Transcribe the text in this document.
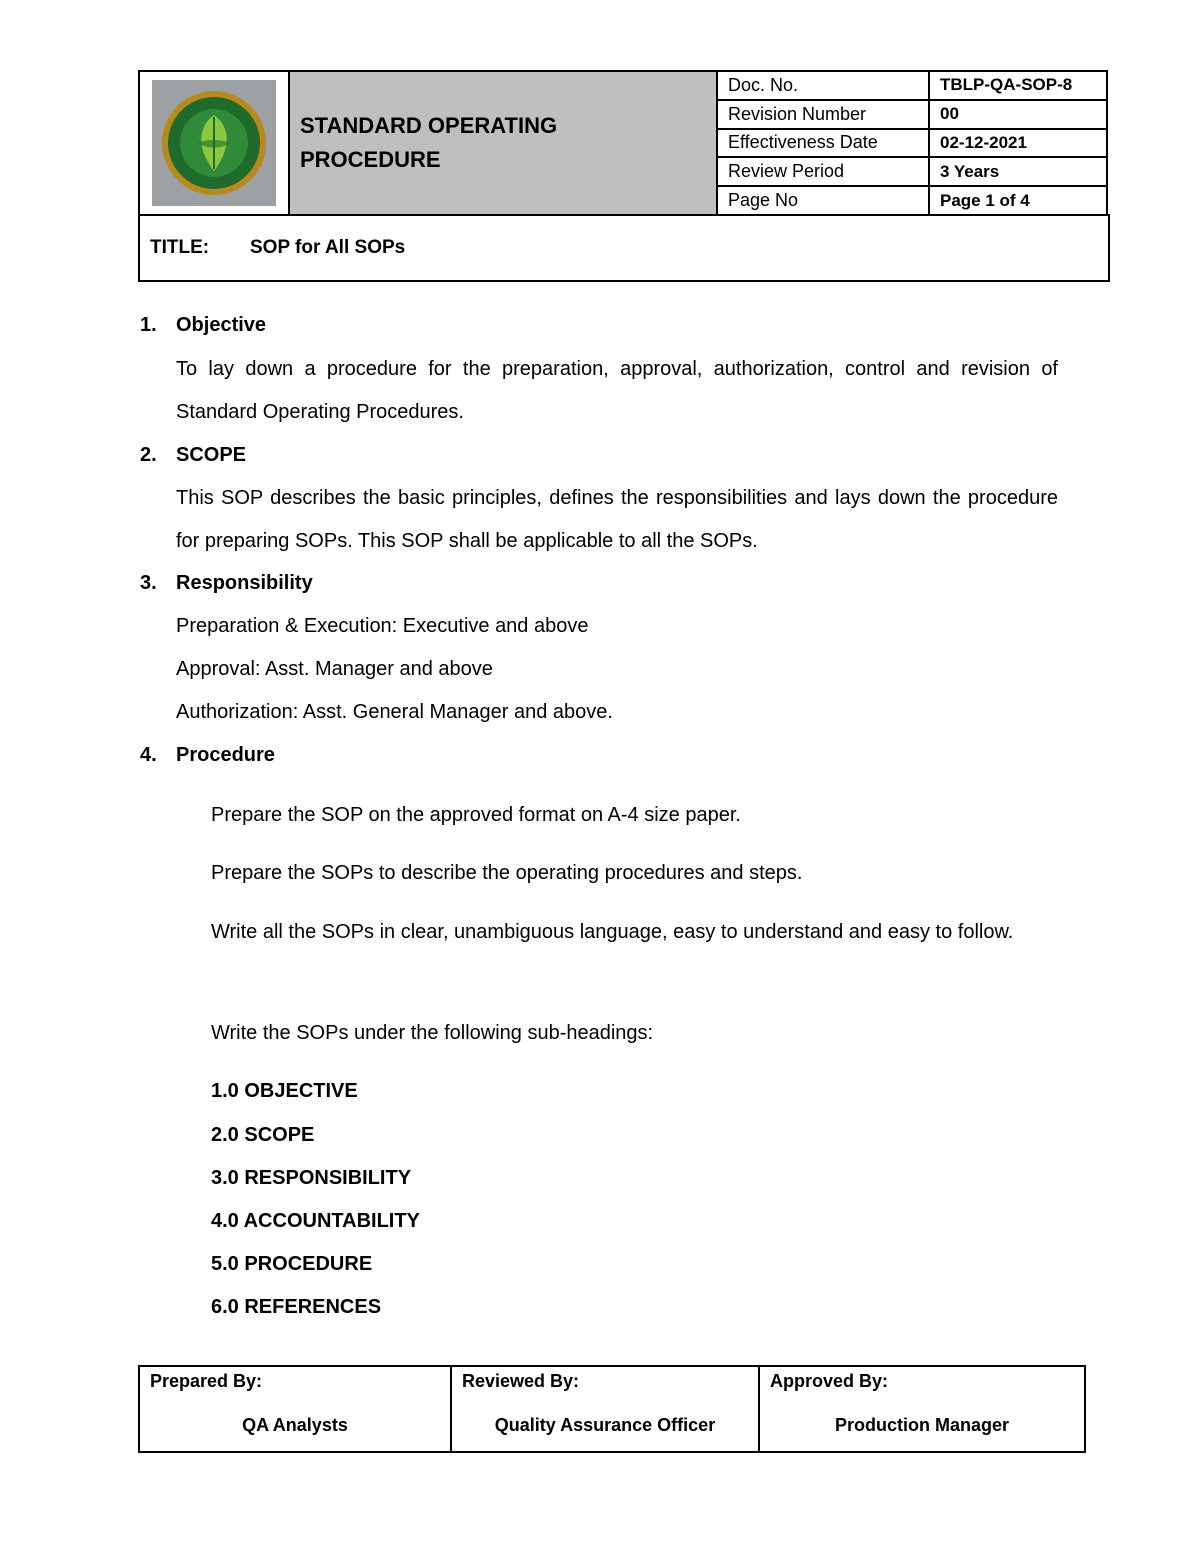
STANDARD OPERATING
PROCEDURE
Doc. No.	TBLP-QA-SOP-8
Revision Number	00
Effectiveness Date	02-12-2021
Review Period	3 Years
Page No	Page 1 of 4
TITLE:	SOP for All SOPs
1. Objective
To lay down a procedure for the preparation, approval, authorization, control and revision of Standard Operating Procedures.
2. SCOPE
This SOP describes the basic principles, defines the responsibilities and lays down the procedure for preparing SOPs. This SOP shall be applicable to all the SOPs.
3. Responsibility
Preparation & Execution: Executive and above
Approval: Asst. Manager and above
Authorization: Asst. General Manager and above.
4. Procedure
Prepare the SOP on the approved format on A-4 size paper.
Prepare the SOPs to describe the operating procedures and steps.
Write all the SOPs in clear, unambiguous language, easy to understand and easy to follow.
Write the SOPs under the following sub-headings:
1.0 OBJECTIVE
2.0 SCOPE
3.0 RESPONSIBILITY
4.0 ACCOUNTABILITY
5.0 PROCEDURE
6.0 REFERENCES
Prepared By:
QA Analysts
Reviewed By:
Quality Assurance Officer
Approved By:
Production Manager
